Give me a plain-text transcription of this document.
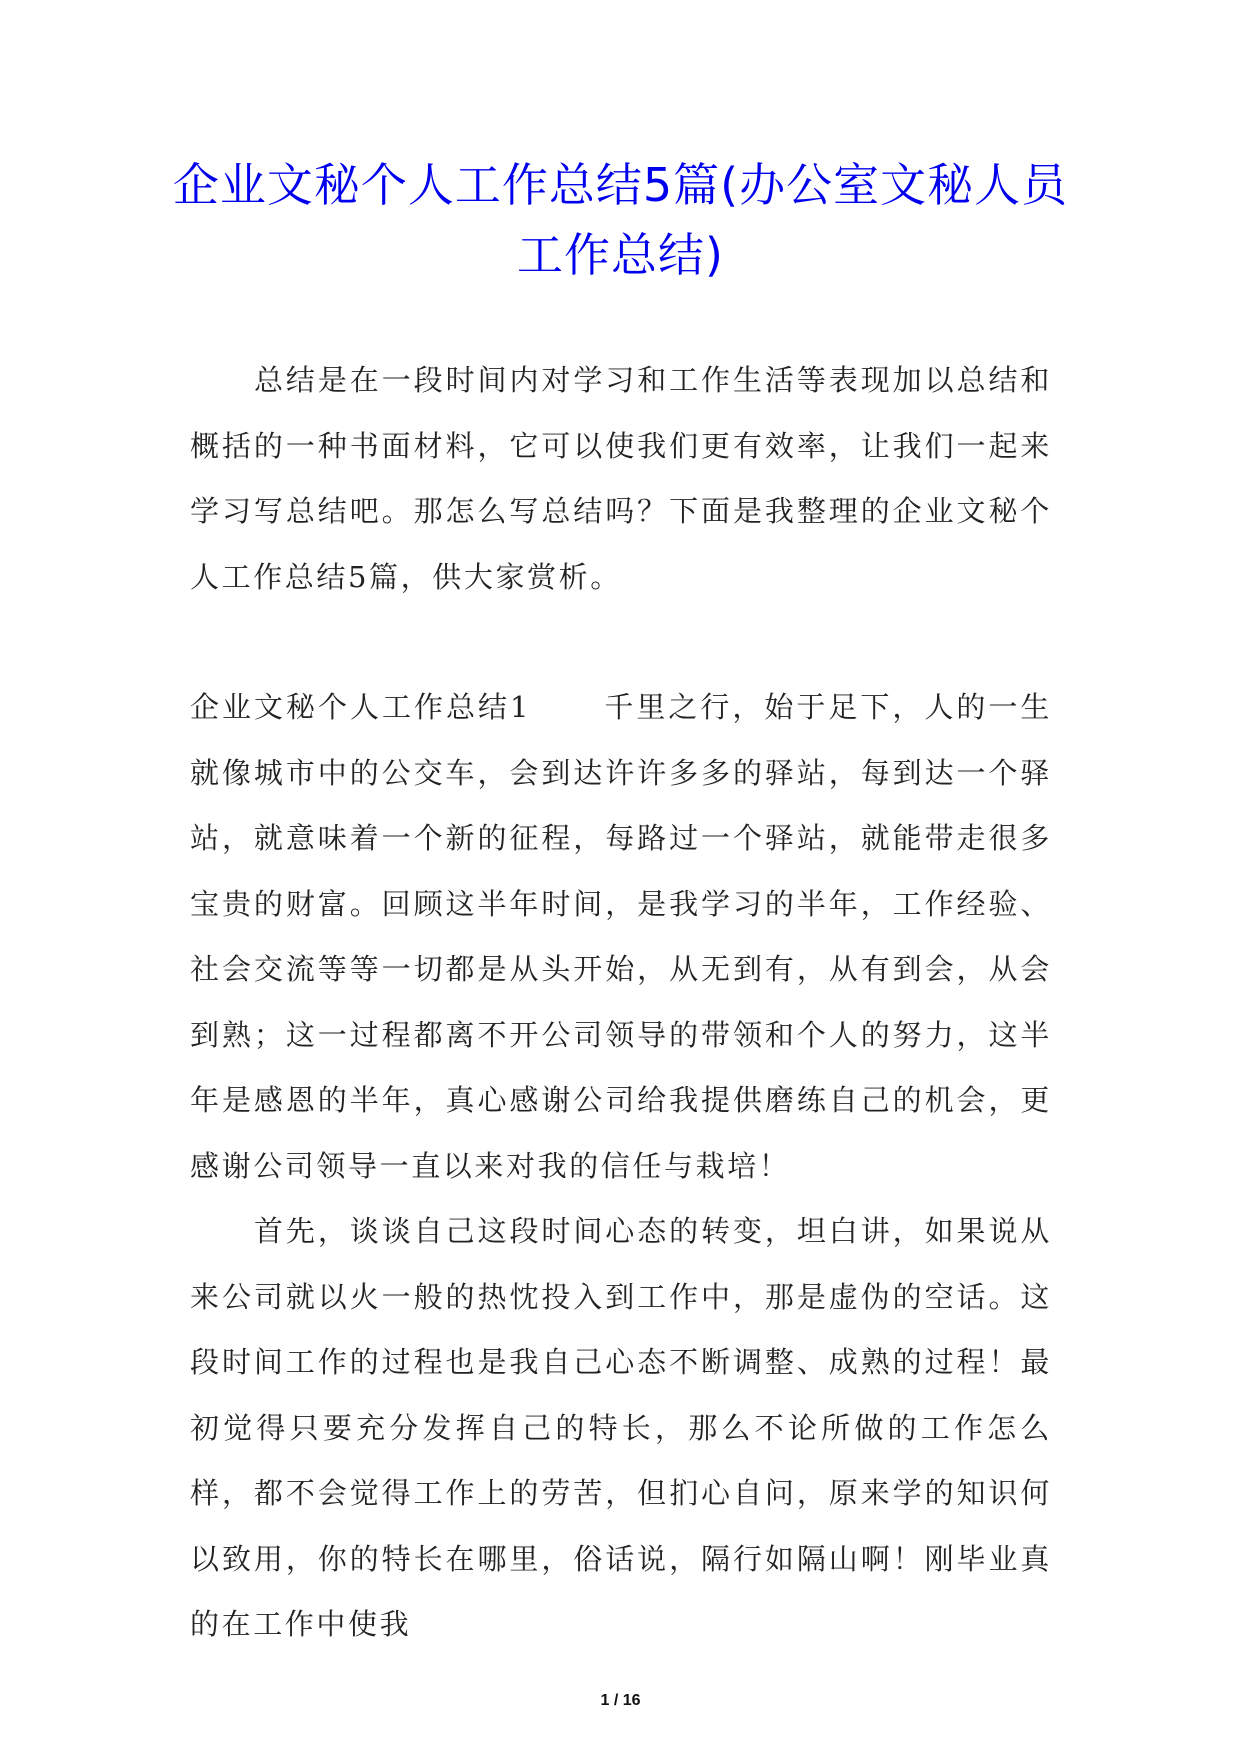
企业文秘个人工作总结5篇(办公室文秘人员工作总结)

总结是在一段时间内对学习和工作生活等表现加以总结和概括的一种书面材料，它可以使我们更有效率，让我们一起来学习写总结吧。那怎么写总结吗？下面是我整理的企业文秘个人工作总结5篇，供大家赏析。

企业文秘个人工作总结1	千里之行，始于足下，人的一生就像城市中的公交车，会到达许许多多的驿站，每到达一个驿站，就意味着一个新的征程，每路过一个驿站，就能带走很多宝贵的财富。回顾这半年时间，是我学习的半年，工作经验、社会交流等等一切都是从头开始，从无到有，从有到会，从会到熟；这一过程都离不开公司领导的带领和个人的努力，这半年是感恩的半年，真心感谢公司给我提供磨练自己的机会，更感谢公司领导一直以来对我的信任与栽培！

首先，谈谈自己这段时间心态的转变，坦白讲，如果说从来公司就以火一般的热忱投入到工作中，那是虚伪的空话。这段时间工作的过程也是我自己心态不断调整、成熟的过程！最初觉得只要充分发挥自己的特长，那么不论所做的工作怎么样，都不会觉得工作上的劳苦，但扪心自问，原来学的知识何以致用，你的特长在哪里，俗话说，隔行如隔山啊！刚毕业真的在工作中使我

1 / 16
